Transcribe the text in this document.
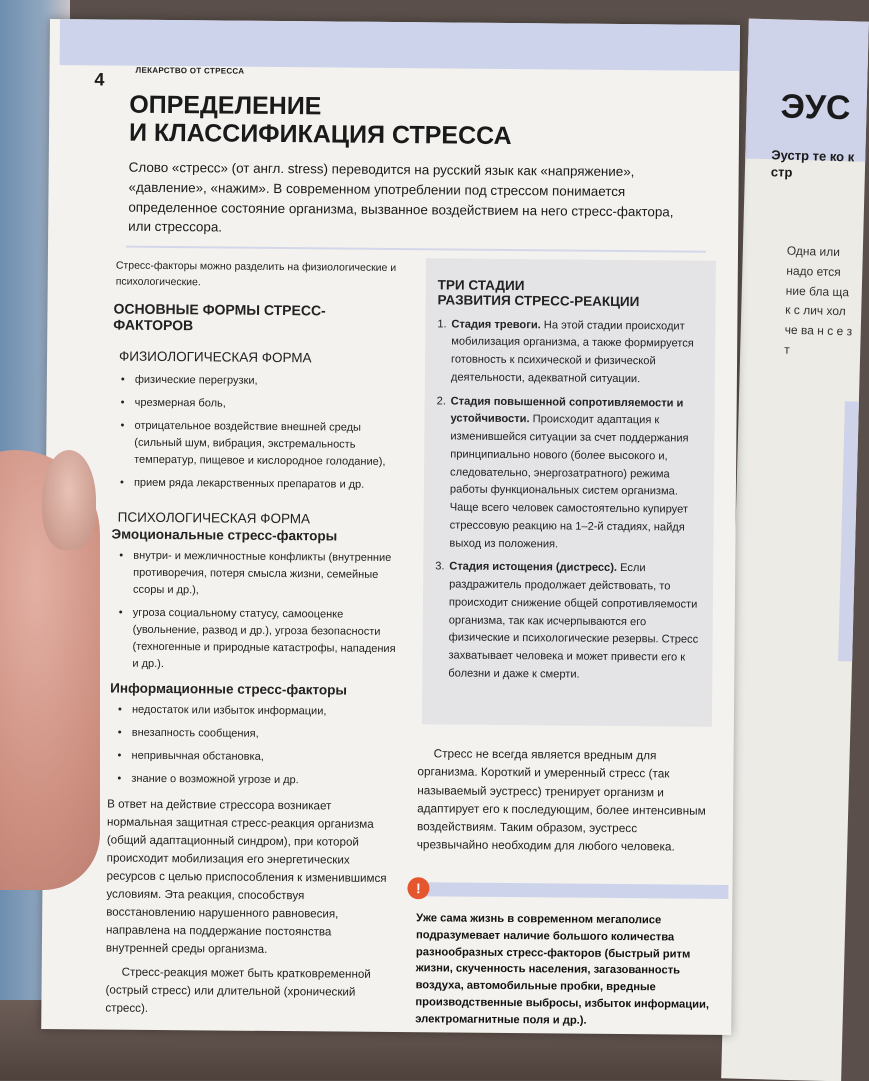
ЭУС
Эустр те ко к стр
Одна или надо ется ние бла ща к с лич хол че ва н с е з т
4	ЛЕКАРСТВО ОТ СТРЕССА
ОПРЕДЕЛЕНИЕ
И КЛАССИФИКАЦИЯ СТРЕССА

Слово «стресс» (от англ. stress) переводится на русский язык как «напряжение», «давление», «нажим». В современном употреблении под стрессом понимается определенное состояние организма, вызванное воздействием на него стресс-фактора, или стрессора.

Стресс-факторы можно разделить на физиологические и психологические.

ОСНОВНЫЕ ФОРМЫ СТРЕСС-ФАКТОРОВ
ФИЗИОЛОГИЧЕСКАЯ ФОРМА
• физические перегрузки,
• чрезмерная боль,
• отрицательное воздействие внешней среды (сильный шум, вибрация, экстремальность температур, пищевое и кислородное голодание),
• прием ряда лекарственных препаратов и др.
ПСИХОЛОГИЧЕСКАЯ ФОРМА
Эмоциональные стресс-факторы
• внутри- и межличностные конфликты (внутренние противоречия, потеря смысла жизни, семейные ссоры и др.),
• угроза социальному статусу, самооценке (увольнение, развод и др.), угроза безопасности (техногенные и природные катастрофы, нападения и др.).
Информационные стресс-факторы
• недостаток или избыток информации,
• внезапность сообщения,
• непривычная обстановка,
• знание о возможной угрозе и др.

В ответ на действие стрессора возникает нормальная защитная стресс-реакция организма (общий адаптационный синдром), при которой происходит мобилизация его энергетических ресурсов с целью приспособления к изменившимся условиям. Эта реакция, способствуя восстановлению нарушенного равновесия, направлена на поддержание постоянства внутренней среды организма.

Стресс-реакция может быть кратковременной (острый стресс) или длительной (хронический стресс).

ТРИ СТАДИИ
РАЗВИТИЯ СТРЕСС-РЕАКЦИИ
1. Стадия тревоги. На этой стадии происходит мобилизация организма, а также формируется готовность к психической и физической деятельности, адекватной ситуации.
2. Стадия повышенной сопротивляемости и устойчивости. Происходит адаптация к изменившейся ситуации за счет поддержания принципиально нового (более высокого и, следовательно, энергозатратного) режима работы функциональных систем организма. Чаще всего человек самостоятельно купирует стрессовую реакцию на 1–2-й стадиях, найдя выход из положения.
3. Стадия истощения (дистресс). Если раздражитель продолжает действовать, то происходит снижение общей сопротивляемости организма, так как исчерпываются его физические и психологические резервы. Стресс захватывает человека и может привести его к болезни и даже к смерти.

Стресс не всегда является вредным для организма. Короткий и умеренный стресс (так называемый эустресс) тренирует организм и адаптирует его к последующим, более интенсивным воздействиям. Таким образом, эустресс чрезвычайно необходим для любого человека.

!

Уже сама жизнь в современном мегаполисе подразумевает наличие большого количества разнообразных стресс-факторов (быстрый ритм жизни, скученность населения, загазованность воздуха, автомобильные пробки, вредные производственные выбросы, избыток информации, электромагнитные поля и др.).
